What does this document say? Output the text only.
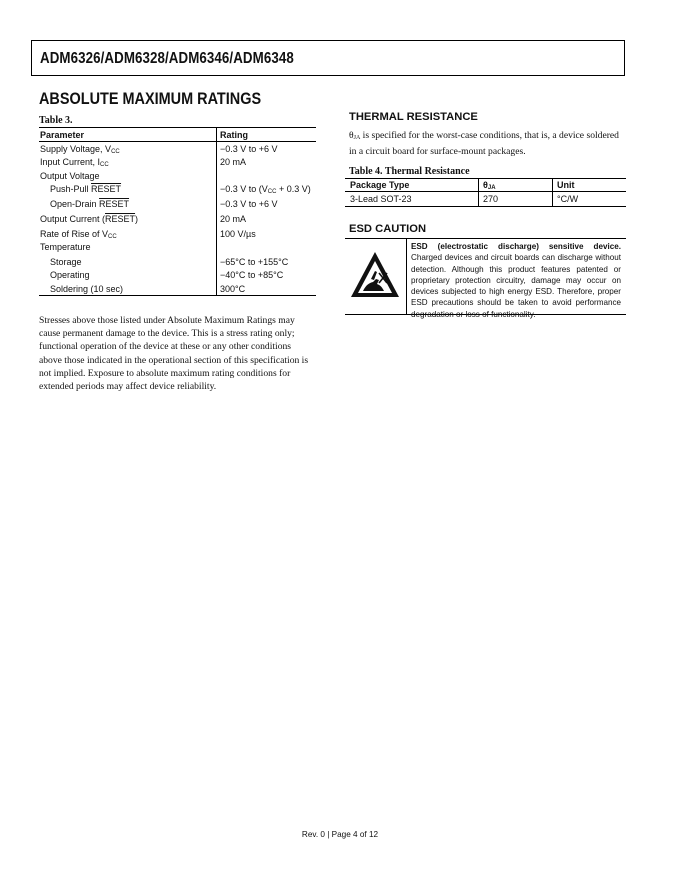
ADM6326/ADM6328/ADM6346/ADM6348
ABSOLUTE MAXIMUM RATINGS
Table 3.
Parameter	Rating
Supply Voltage, $V_{CC}$	−0.3 V to +6 V
Input Current, $I_{CC}$	20 mA
Output Voltage
Push-Pull RESET	−0.3 V to ($V_{CC} + 0.3$ V)
Open-Drain RESET	−0.3 V to +6 V
Output Current (RESET)	20 mA
Rate of Rise of $V_{CC}$	100 V/µs
Temperature
Storage	−65°C to +155°C
Operating	−40°C to +85°C
Soldering (10 sec)	300°C
Stresses above those listed under Absolute Maximum Ratings may cause permanent damage to the device. This is a stress rating only; functional operation of the device at these or any other conditions above those indicated in the operational section of this specification is not implied. Exposure to absolute maximum rating conditions for extended periods may affect device reliability.
THERMAL RESISTANCE
$\theta_{JA}$ is specified for the worst-case conditions, that is, a device soldered in a circuit board for surface-mount packages.
Table 4. Thermal Resistance
Package Type	$\theta_{JA}$	Unit
3-Lead SOT-23	270	°C/W
ESD CAUTION
ESD (electrostatic discharge) sensitive device. Charged devices and circuit boards can discharge without detection. Although this product features patented or proprietary protection circuitry, damage may occur on devices subjected to high energy ESD. Therefore, proper ESD precautions should be taken to avoid performance degradation or loss of functionality.
Rev. 0 | Page 4 of 12
